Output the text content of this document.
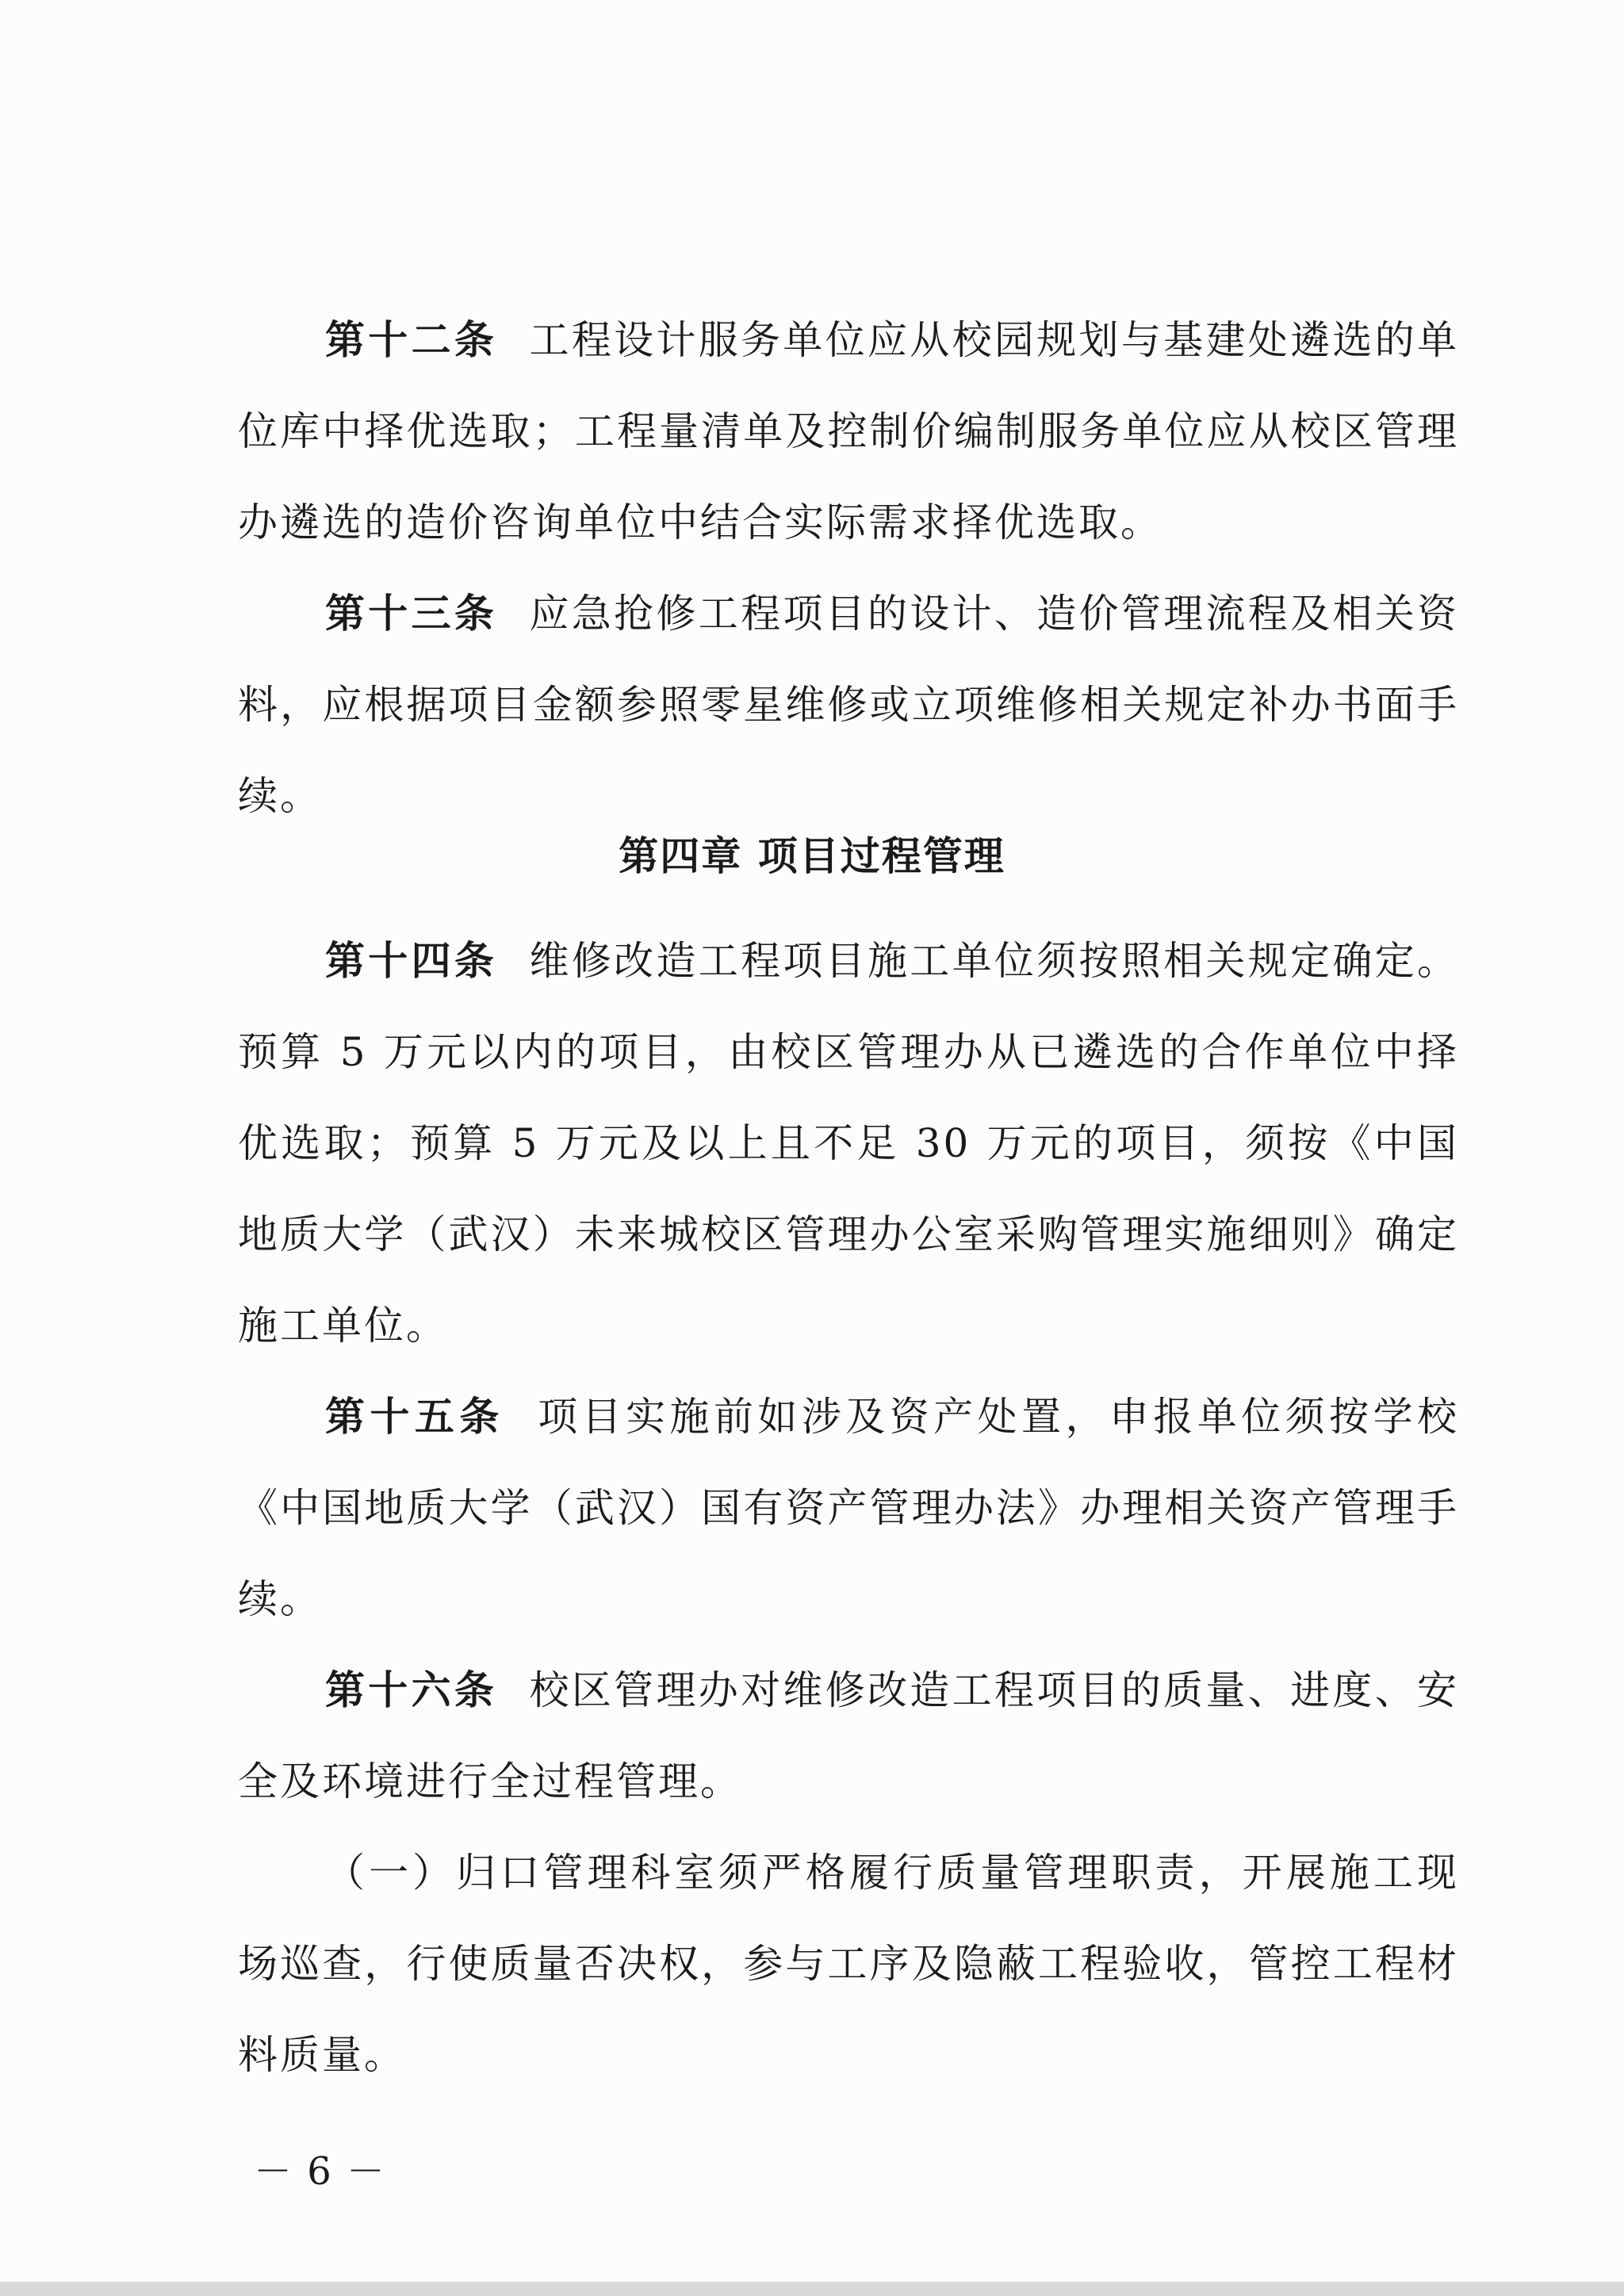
第十二条 工程设计服务单位应从校园规划与基建处遴选的单位库中择优选取；工程量清单及控制价编制服务单位应从校区管理办遴选的造价咨询单位中结合实际需求择优选取。

第十三条 应急抢修工程项目的设计、造价管理流程及相关资料，应根据项目金额参照零星维修或立项维修相关规定补办书面手续。

第四章 项目过程管理

第十四条 维修改造工程项目施工单位须按照相关规定确定。预算 5 万元以内的项目，由校区管理办从已遴选的合作单位中择优选取；预算 5 万元及以上且不足 30 万元的项目，须按《中国地质大学（武汉）未来城校区管理办公室采购管理实施细则》确定施工单位。

第十五条 项目实施前如涉及资产处置，申报单位须按学校《中国地质大学（武汉）国有资产管理办法》办理相关资产管理手续。

第十六条 校区管理办对维修改造工程项目的质量、进度、安全及环境进行全过程管理。

（一）归口管理科室须严格履行质量管理职责，开展施工现场巡查，行使质量否决权，参与工序及隐蔽工程验收，管控工程材料质量。

－ 6 －
